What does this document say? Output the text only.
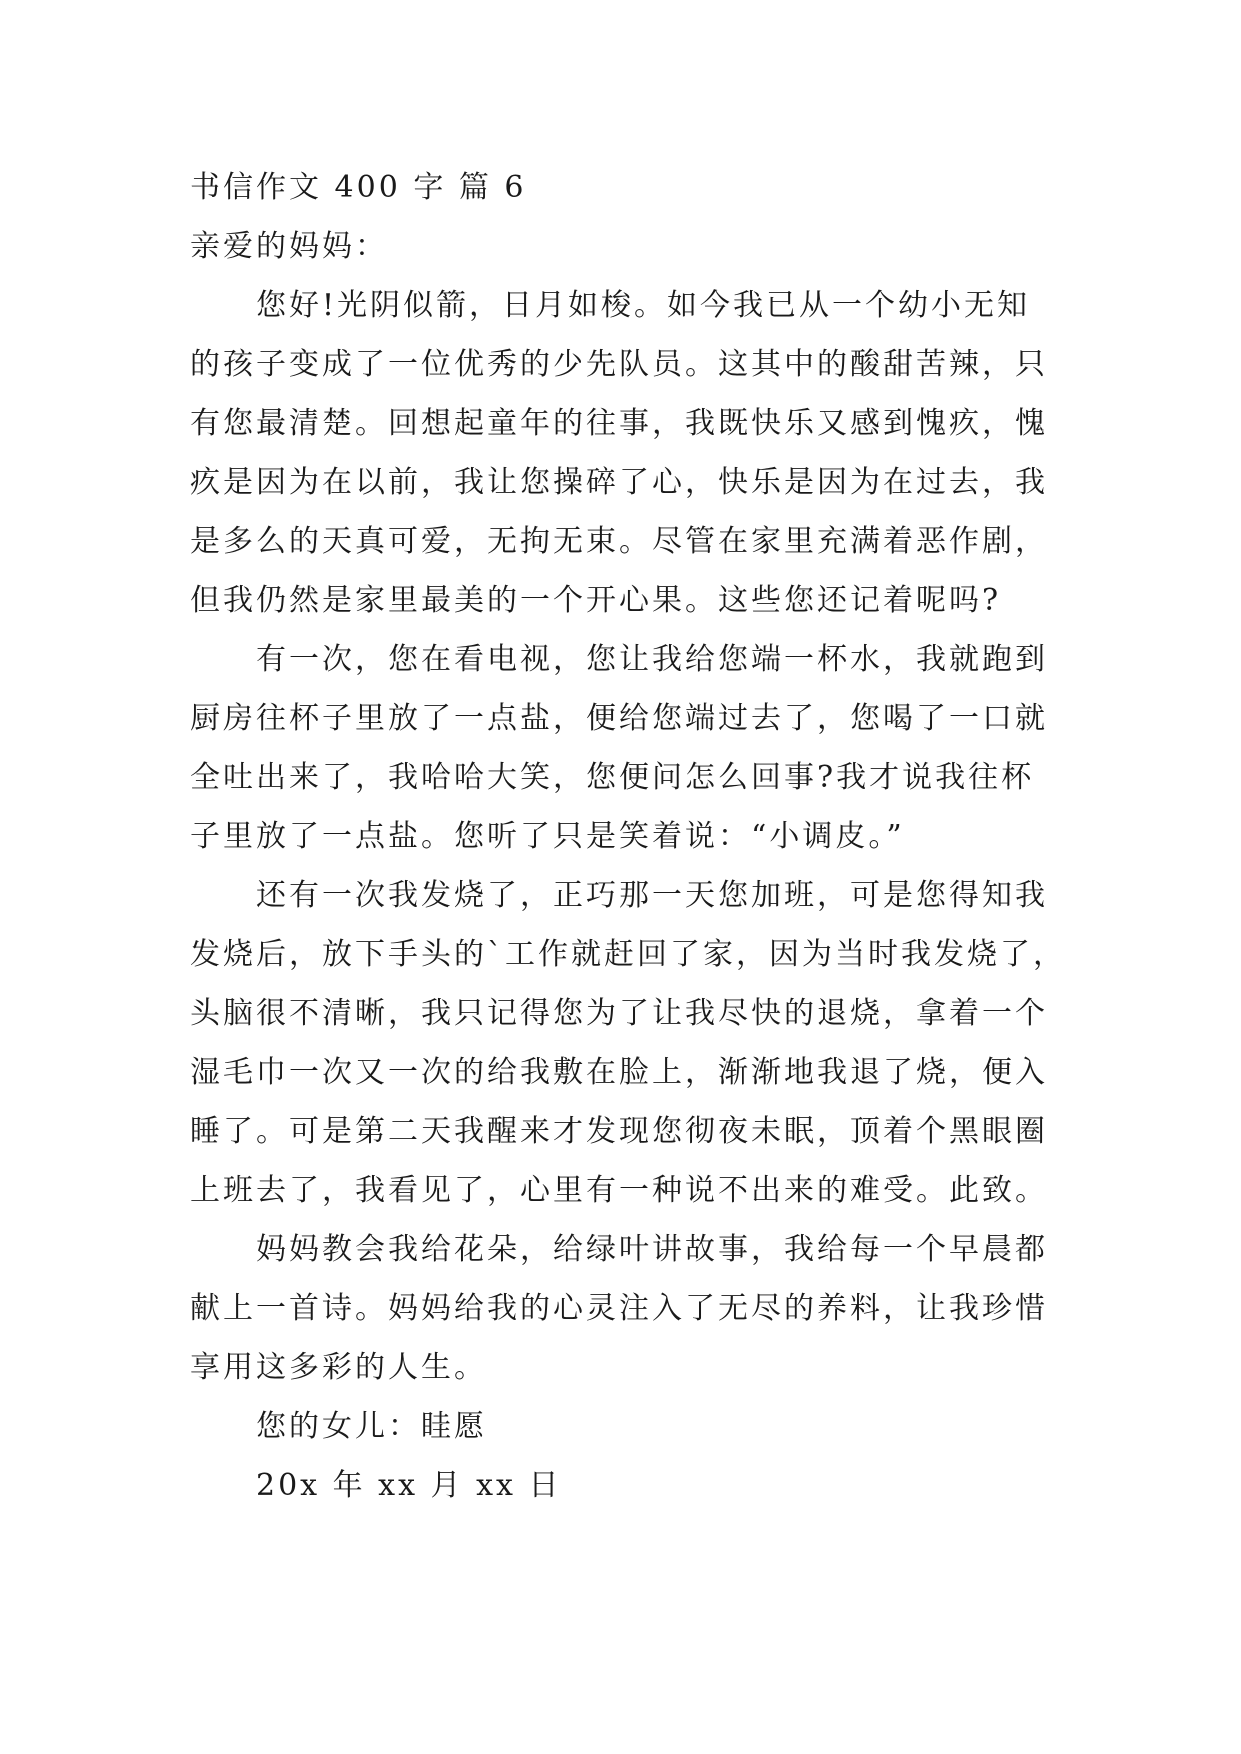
书信作文 400 字 篇 6
亲爱的妈妈：
您好!光阴似箭，日月如梭。如今我已从一个幼小无知
的孩子变成了一位优秀的少先队员。这其中的酸甜苦辣，只
有您最清楚。回想起童年的往事，我既快乐又感到愧疚，愧
疚是因为在以前，我让您操碎了心，快乐是因为在过去，我
是多么的天真可爱，无拘无束。尽管在家里充满着恶作剧，
但我仍然是家里最美的一个开心果。这些您还记着呢吗?
有一次，您在看电视，您让我给您端一杯水，我就跑到
厨房往杯子里放了一点盐，便给您端过去了，您喝了一口就
全吐出来了，我哈哈大笑，您便问怎么回事?我才说我往杯
子里放了一点盐。您听了只是笑着说：“小调皮。”
还有一次我发烧了，正巧那一天您加班，可是您得知我
发烧后，放下手头的`工作就赶回了家，因为当时我发烧了，
头脑很不清晰，我只记得您为了让我尽快的退烧，拿着一个
湿毛巾一次又一次的给我敷在脸上，渐渐地我退了烧，便入
睡了。可是第二天我醒来才发现您彻夜未眠，顶着个黑眼圈
上班去了，我看见了，心里有一种说不出来的难受。此致。
妈妈教会我给花朵，给绿叶讲故事，我给每一个早晨都
献上一首诗。妈妈给我的心灵注入了无尽的养料，让我珍惜
享用这多彩的人生。
您的女儿：眭愿
20x 年 xx 月 xx 日
